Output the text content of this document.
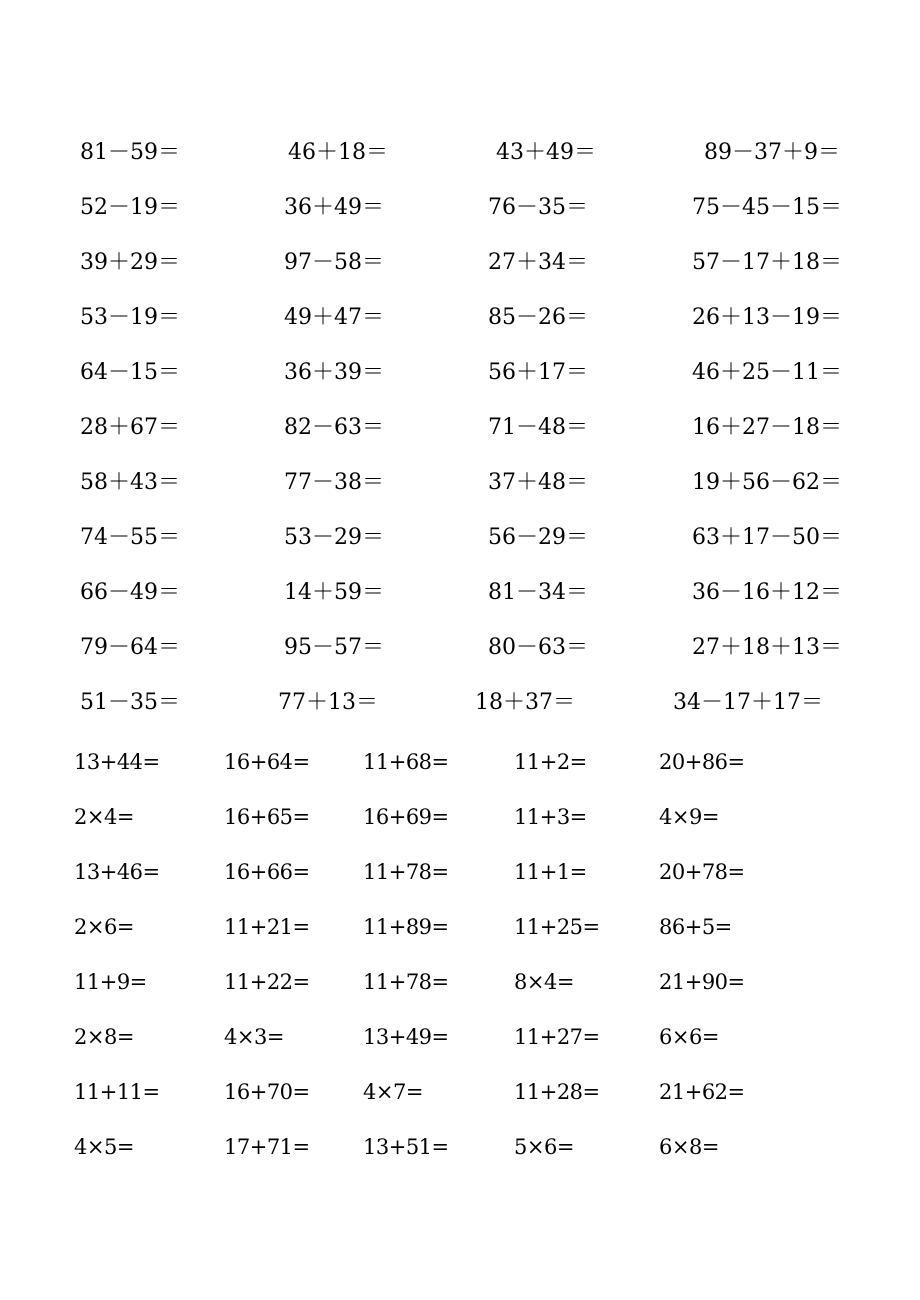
81－59＝	46＋18＝	43＋49＝	89－37＋9＝
52－19＝	36＋49＝	76－35＝	75－45－15＝
39＋29＝	97－58＝	27＋34＝	57－17＋18＝
53－19＝	49＋47＝	85－26＝	26＋13－19＝
64－15＝	36＋39＝	56＋17＝	46＋25－11＝
28＋67＝	82－63＝	71－48＝	16＋27－18＝
58＋43＝	77－38＝	37＋48＝	19＋56－62＝
74－55＝	53－29＝	56－29＝	63＋17－50＝
66－49＝	14＋59＝	81－34＝	36－16＋12＝
79－64＝	95－57＝	80－63＝	27＋18＋13＝
51－35＝	77＋13＝	18＋37＝	34－17＋17＝
13+44=	16+64=	11+68=	11+2=	20+86=
2×4=	16+65=	16+69=	11+3=	4×9=
13+46=	16+66=	11+78=	11+1=	20+78=
2×6=	11+21=	11+89=	11+25=	86+5=
11+9=	11+22=	11+78=	8×4=	21+90=
2×8=	4×3=	13+49=	11+27=	6×6=
11+11=	16+70=	4×7=	11+28=	21+62=
4×5=	17+71=	13+51=	5×6=	6×8=
